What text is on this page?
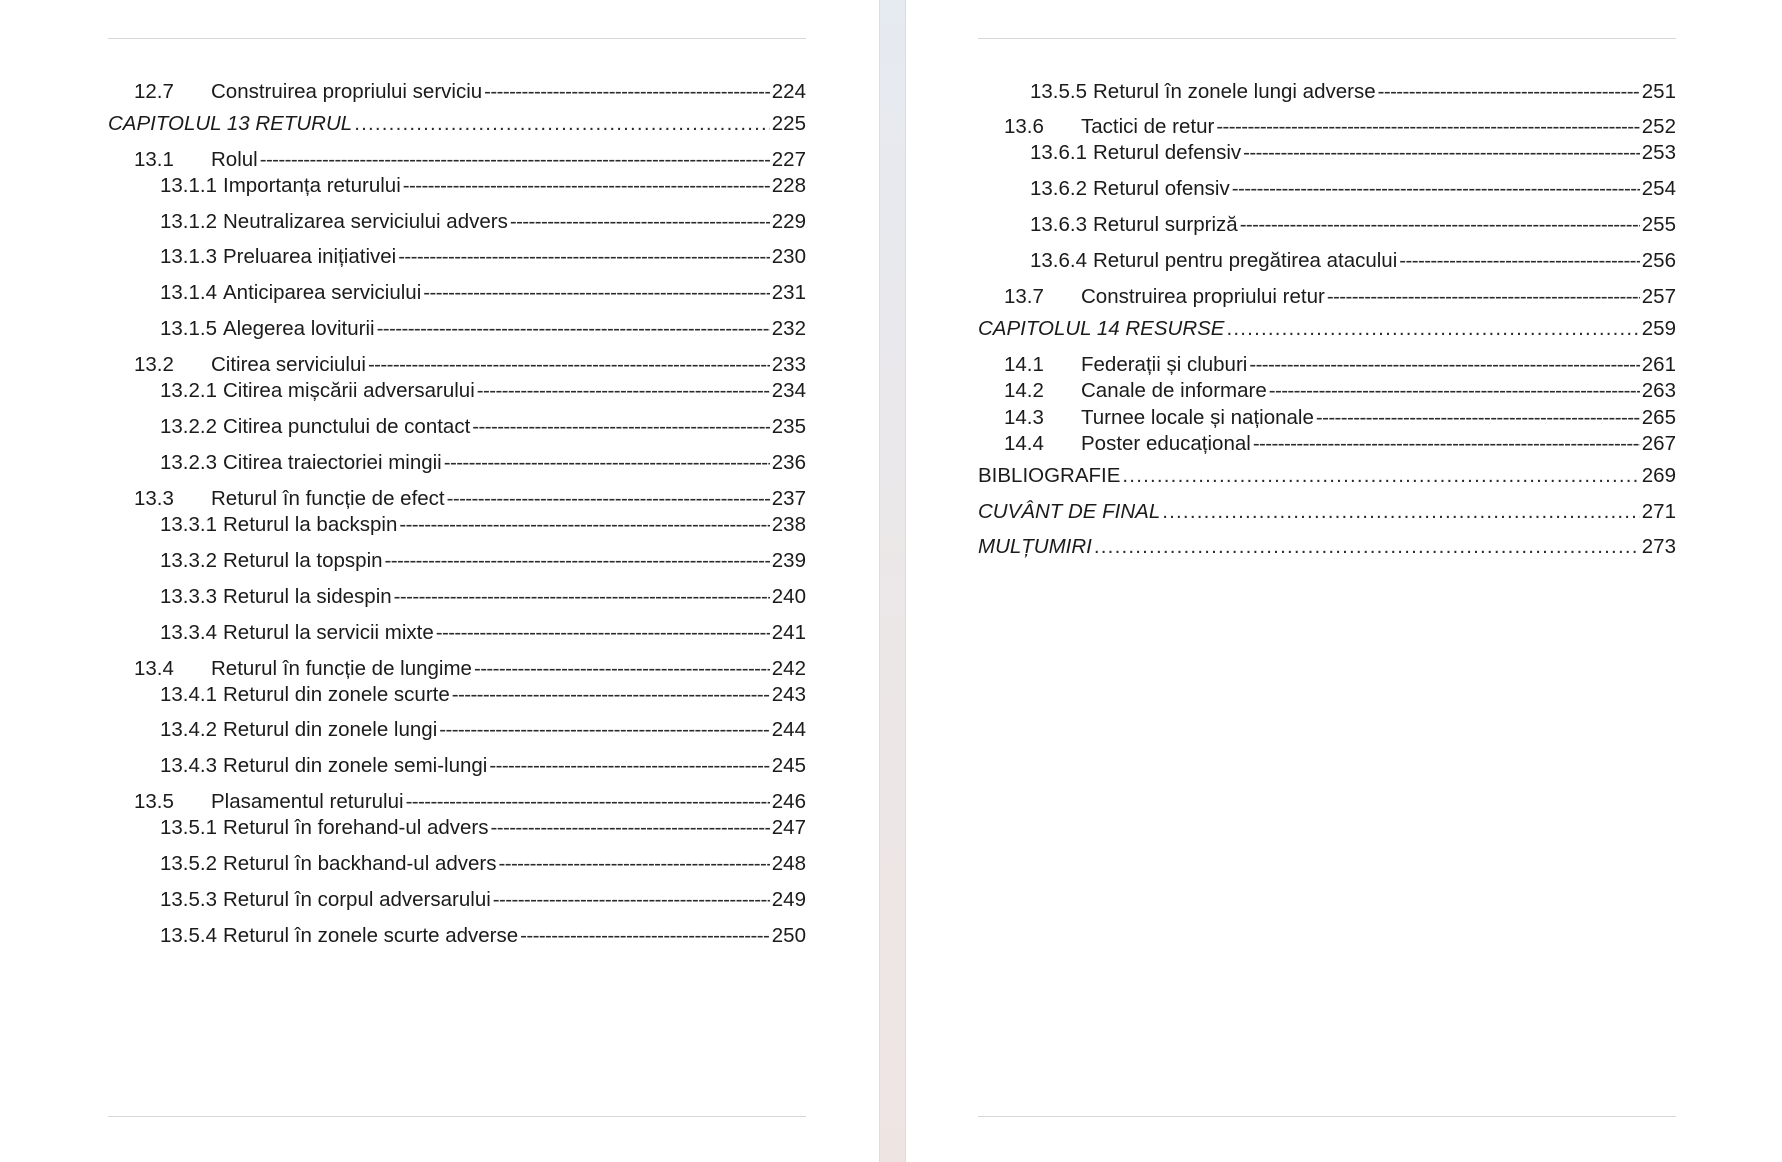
12.7	Construirea propriului serviciu -----	224
CAPITOLUL 13 RETURUL .....	225
13.1	Rolul -----	227
13.1.1 Importanța returului -----	228
13.1.2 Neutralizarea serviciului advers -----	229
13.1.3 Preluarea inițiativei -----	230
13.1.4 Anticiparea serviciului -----	231
13.1.5 Alegerea loviturii -----	232
13.2	Citirea serviciului -----	233
13.2.1 Citirea mișcării adversarului -----	234
13.2.2 Citirea punctului de contact -----	235
13.2.3 Citirea traiectoriei mingii -----	236
13.3	Returul în funcție de efect -----	237
13.3.1 Returul la backspin -----	238
13.3.2 Returul la topspin -----	239
13.3.3 Returul la sidespin -----	240
13.3.4 Returul la servicii mixte -----	241
13.4	Returul în funcție de lungime -----	242
13.4.1 Returul din zonele scurte -----	243
13.4.2 Returul din zonele lungi -----	244
13.4.3 Returul din zonele semi-lungi -----	245
13.5	Plasamentul returului -----	246
13.5.1 Returul în forehand-ul advers -----	247
13.5.2 Returul în backhand-ul advers -----	248
13.5.3 Returul în corpul adversarului -----	249
13.5.4 Returul în zonele scurte adverse -----	250
13.5.5 Returul în zonele lungi adverse -----	251
13.6	Tactici de retur -----	252
13.6.1 Returul defensiv -----	253
13.6.2 Returul ofensiv -----	254
13.6.3 Returul surpriză -----	255
13.6.4 Returul pentru pregătirea atacului -----	256
13.7	Construirea propriului retur -----	257
CAPITOLUL 14 RESURSE .....	259
14.1	Federații și cluburi -----	261
14.2	Canale de informare -----	263
14.3	Turnee locale și naționale -----	265
14.4	Poster educațional -----	267
BIBLIOGRAFIE .....	269
CUVÂNT DE FINAL .....	271
MULȚUMIRI .....	273
